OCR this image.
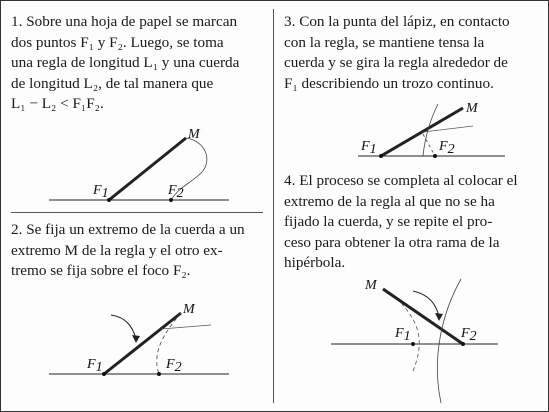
1. Sobre una hoja de papel se marcan
dos puntos F₁ y F₂. Luego, se toma
una regla de longitud L₁ y una cuerda
de longitud L₂, de tal manera que
L₁ − L₂ < F₁F₂.

2. Se fija un extremo de la cuerda a un
extremo M de la regla y el otro ex-
tremo se fija sobre el foco F₂.

3. Con la punta del lápiz, en contacto
con la regla, se mantiene tensa la
cuerda y se gira la regla alrededor de
F₁ describiendo un trozo continuo.

4. El proceso se completa al colocar el
extremo de la regla al que no se ha
fijado la cuerda, y se repite el pro-
ceso para obtener la otra rama de la
hipérbola.

M
F1	F2
M
F1	F2
M
F1	F2
M
F1	F2
